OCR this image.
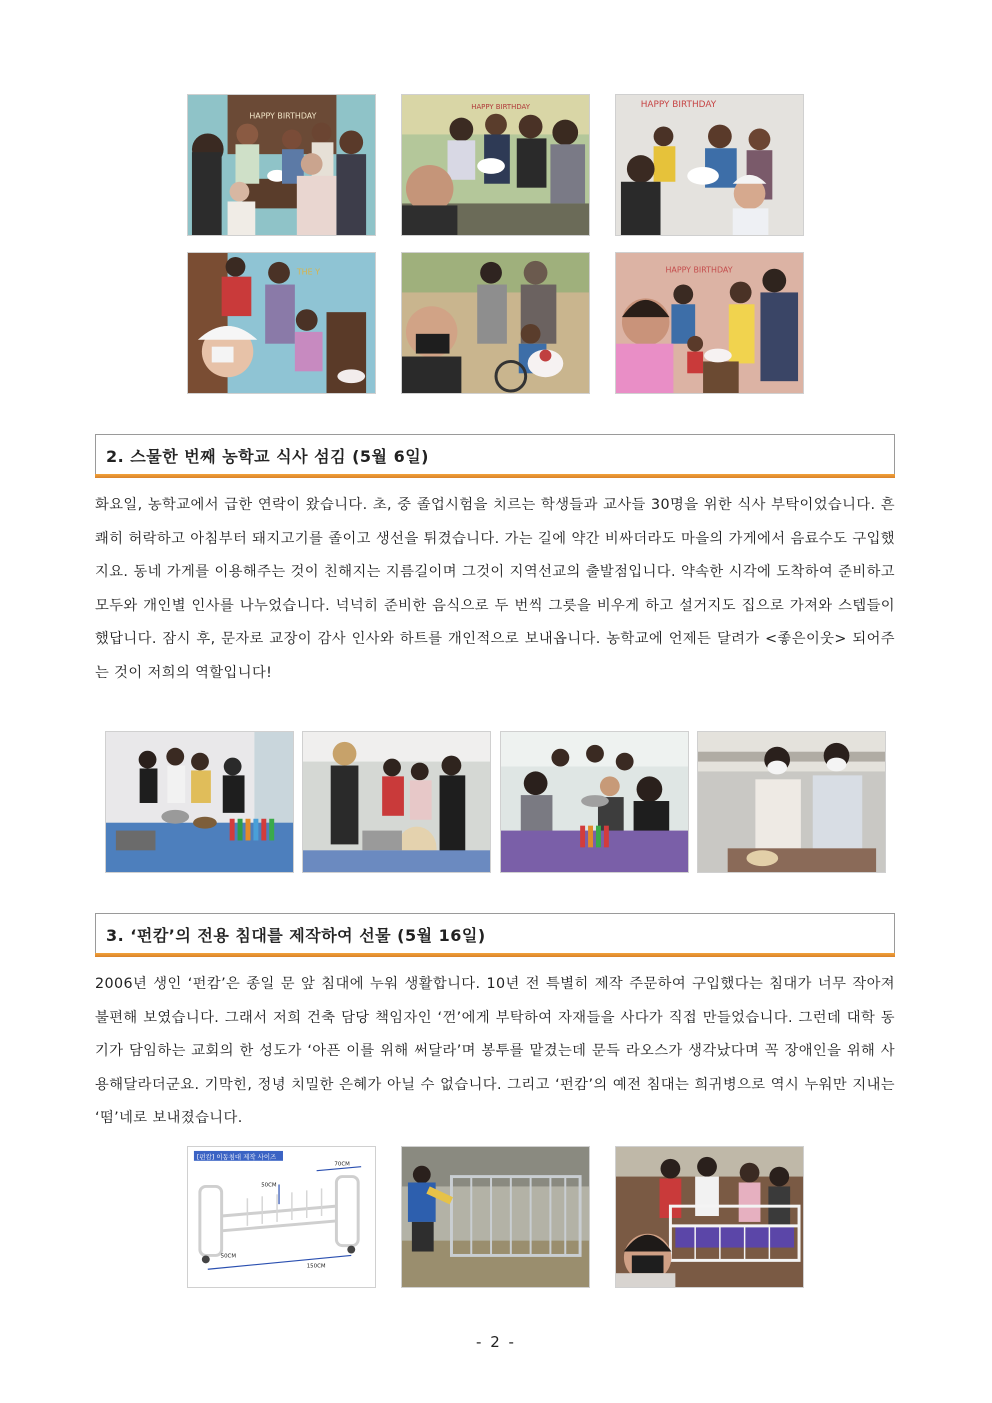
HAPPY BIRTHDAY
HAPPY BIRTHDAY	HAPPY BIRTHDAY
THE Y	HAPPY BIRTHDAY
2. 스물한 번째 농학교 식사 섬김 (5월 6일)

화요일, 농학교에서 급한 연락이 왔습니다. 초, 중 졸업시험을 치르는 학생들과 교사들 30명을 위한 식사 부탁이었습니다. 흔쾌히 허락하고 아침부터 돼지고기를 졸이고 생선을 튀겼습니다. 가는 길에 약간 비싸더라도 마을의 가게에서 음료수도 구입했지요. 동네 가게를 이용해주는 것이 친해지는 지름길이며 그것이 지역선교의 출발점입니다. 약속한 시각에 도착하여 준비하고 모두와 개인별 인사를 나누었습니다. 넉넉히 준비한 음식으로 두 번씩 그릇을 비우게 하고 설거지도 집으로 가져와 스텝들이 했답니다. 잠시 후, 문자로 교장이 감사 인사와 하트를 개인적으로 보내옵니다. 농학교에 언제든 달려가 <좋은이웃> 되어주는 것이 저희의 역할입니다!

3. ‘펀캄’의 전용 침대를 제작하여 선물 (5월 16일)

2006년 생인 ‘펀캄’은 종일 문 앞 침대에 누워 생활합니다. 10년 전 특별히 제작 주문하여 구입했다는 침대가 너무 작아져 불편해 보였습니다. 그래서 저희 건축 담당 책임자인 ‘껀’에게 부탁하여 자재들을 사다가 직접 만들었습니다. 그런데 대학 동기가 담임하는 교회의 한 성도가 ‘아픈 이를 위해 써달라’며 봉투를 맡겼는데 문득 라오스가 생각났다며 꼭 장애인을 위해 사용해달라더군요. 기막힌, 정녕 치밀한 은혜가 아닐 수 없습니다. 그리고 ‘펀캄’의 예전 침대는 희귀병으로 역시 누워만 지내는 ‘떰’네로 보내졌습니다.

[펀캄] 이동침대 제작 사이즈
70CM
50CM
50CM
150CM
- 2 -
